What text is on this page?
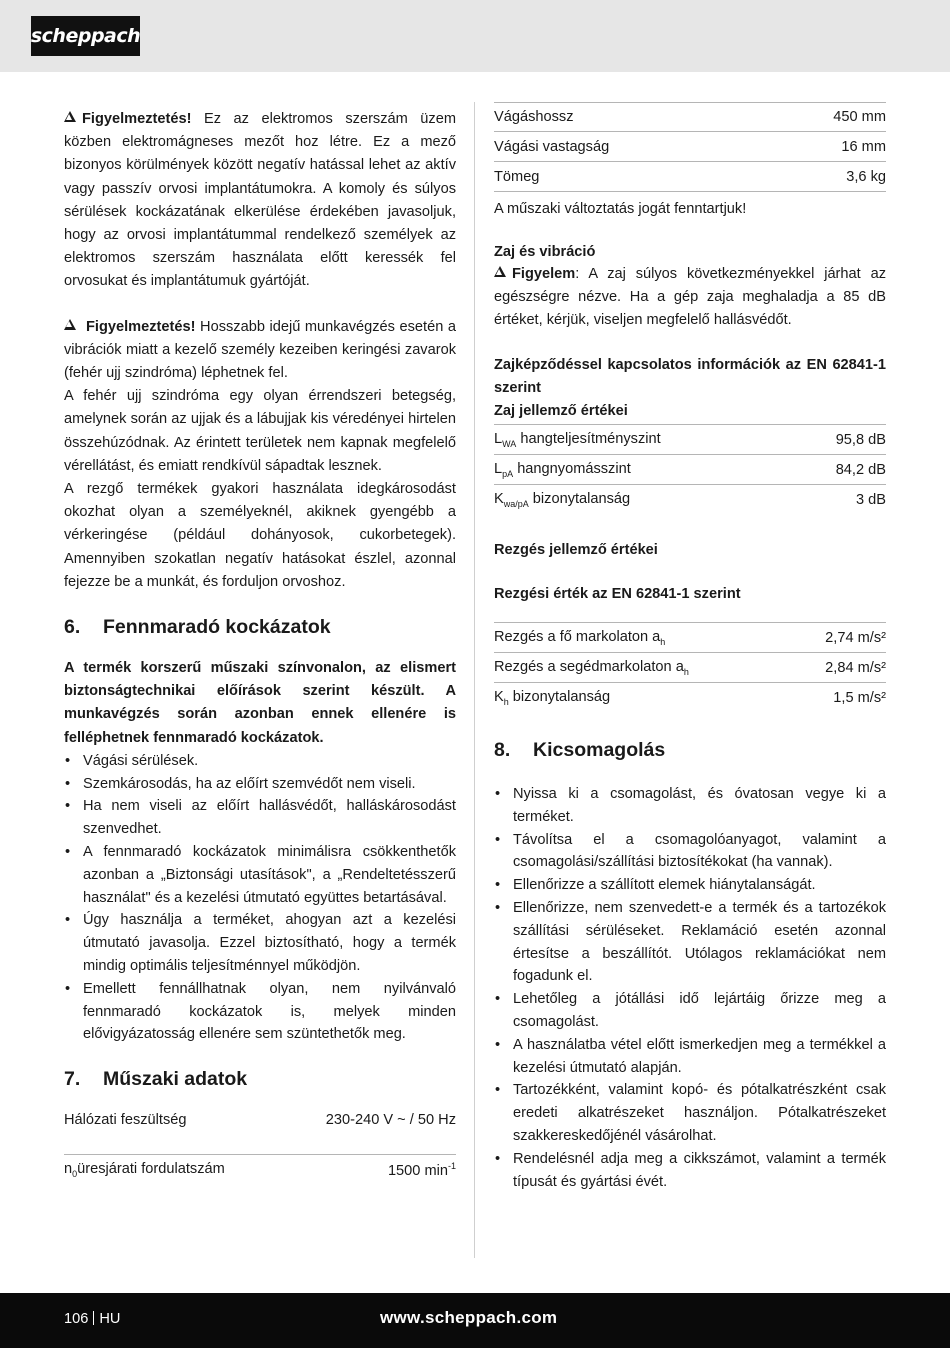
scheppach

Figyelmeztetés! Ez az elektromos szerszám üzem közben elektromágneses mezőt hoz létre. Ez a mező bizonyos körülmények között negatív hatással lehet az aktív vagy passzív orvosi implantátumokra. A komoly és súlyos sérülések kockázatának elkerülése érdekében javasoljuk, hogy az orvosi implantátummal rendelkező személyek az elektromos szerszám használata előtt keressék fel orvosukat és implantátumuk gyártóját.

Figyelmeztetés! Hosszabb idejű munkavégzés esetén a vibrációk miatt a kezelő személy kezeiben keringési zavarok (fehér ujj szindróma) léphetnek fel.

A fehér ujj szindróma egy olyan érrendszeri betegség, amelynek során az ujjak és a lábujjak kis véredényei hirtelen összehúzódnak. Az érintett területek nem kapnak megfelelő vérellátást, és emiatt rendkívül sápadtak lesznek.

A rezgő termékek gyakori használata idegkárosodást okozhat olyan a személyeknél, akiknek gyengébb a vérkeringése (például dohányosok, cukorbetegek). Amennyiben szokatlan negatív hatásokat észlel, azonnal fejezze be a munkát, és forduljon orvoshoz.

6.	Fennmaradó kockázatok

A termék korszerű műszaki színvonalon, az elismert biztonságtechnikai előírások szerint készült. A munkavégzés során azonban ennek ellenére is felléphetnek fennmaradó kockázatok.

• Vágási sérülések.
• Szemkárosodás, ha az előírt szemvédőt nem viseli.
• Ha nem viseli az előírt hallásvédőt, halláskárosodást szenvedhet.
• A fennmaradó kockázatok minimálisra csökkenthetők azonban a „Biztonsági utasítások", a „Rendeltetésszerű használat" és a kezelési útmutató együttes betartásával.
• Úgy használja a terméket, ahogyan azt a kezelési útmutató javasolja. Ezzel biztosítható, hogy a termék mindig optimális teljesítménnyel működjön.
• Emellett fennállhatnak olyan, nem nyilvánvaló fennmaradó kockázatok is, melyek minden elővigyázatosság ellenére sem szüntethetők meg.
7.	Műszaki adatok
Hálózati feszültség	230-240 V ~ / 50 Hz
$n_0üresjárati$ fordulatszám	1500 $\min^{-1}$
Vágáshossz	450 mm
Vágási vastagság	16 mm
Tömeg	3,6 kg

A műszaki változtatás jogát fenntartjuk!

Zaj és vibráció

Figyelem: A zaj súlyos következményekkel járhat az egészségre nézve. Ha a gép zaja meghaladja a 85 dB értéket, kérjük, viseljen megfelelő hallásvédőt.

Zajképződéssel kapcsolatos információk az EN 62841-1 szerint

Zaj jellemző értékei

$L_{WA}$ hangteljesítményszint	95,8 dB
$L_{pA}$ hangnyomásszint	84,2 dB
$K_{wa/pA}$ bizonytalanság	3 dB

Rezgés jellemző értékei

Rezgési érték az EN 62841-1 szerint

Rezgés a fő markolaton $a_h$	2,74 m/s²
Rezgés a segédmarkolaton $a_h$	2,84 m/s²
$K_h$ bizonytalanság	1,5 m/s²
8.	Kicsomagolás
• Nyissa ki a csomagolást, és óvatosan vegye ki a terméket.
• Távolítsa el a csomagolóanyagot, valamint a csomagolási/szállítási biztosítékokat (ha vannak).
• Ellenőrizze a szállított elemek hiánytalanságát.
• Ellenőrizze, nem szenvedett-e a termék és a tartozékok szállítási sérüléseket. Reklamáció esetén azonnal értesítse a beszállítót. Utólagos reklamációkat nem fogadunk el.
• Lehetőleg a jótállási idő lejártáig őrizze meg a csomagolást.
• A használatba vétel előtt ismerkedjen meg a termékkel a kezelési útmutató alapján.
• Tartozékként, valamint kopó- és pótalkatrészként csak eredeti alkatrészeket használjon. Pótalkatrészeket szakkereskedőjénél vásárolhat.
• Rendelésnél adja meg a cikkszámot, valamint a termék típusát és gyártási évét.
106 HU	www.scheppach.com
